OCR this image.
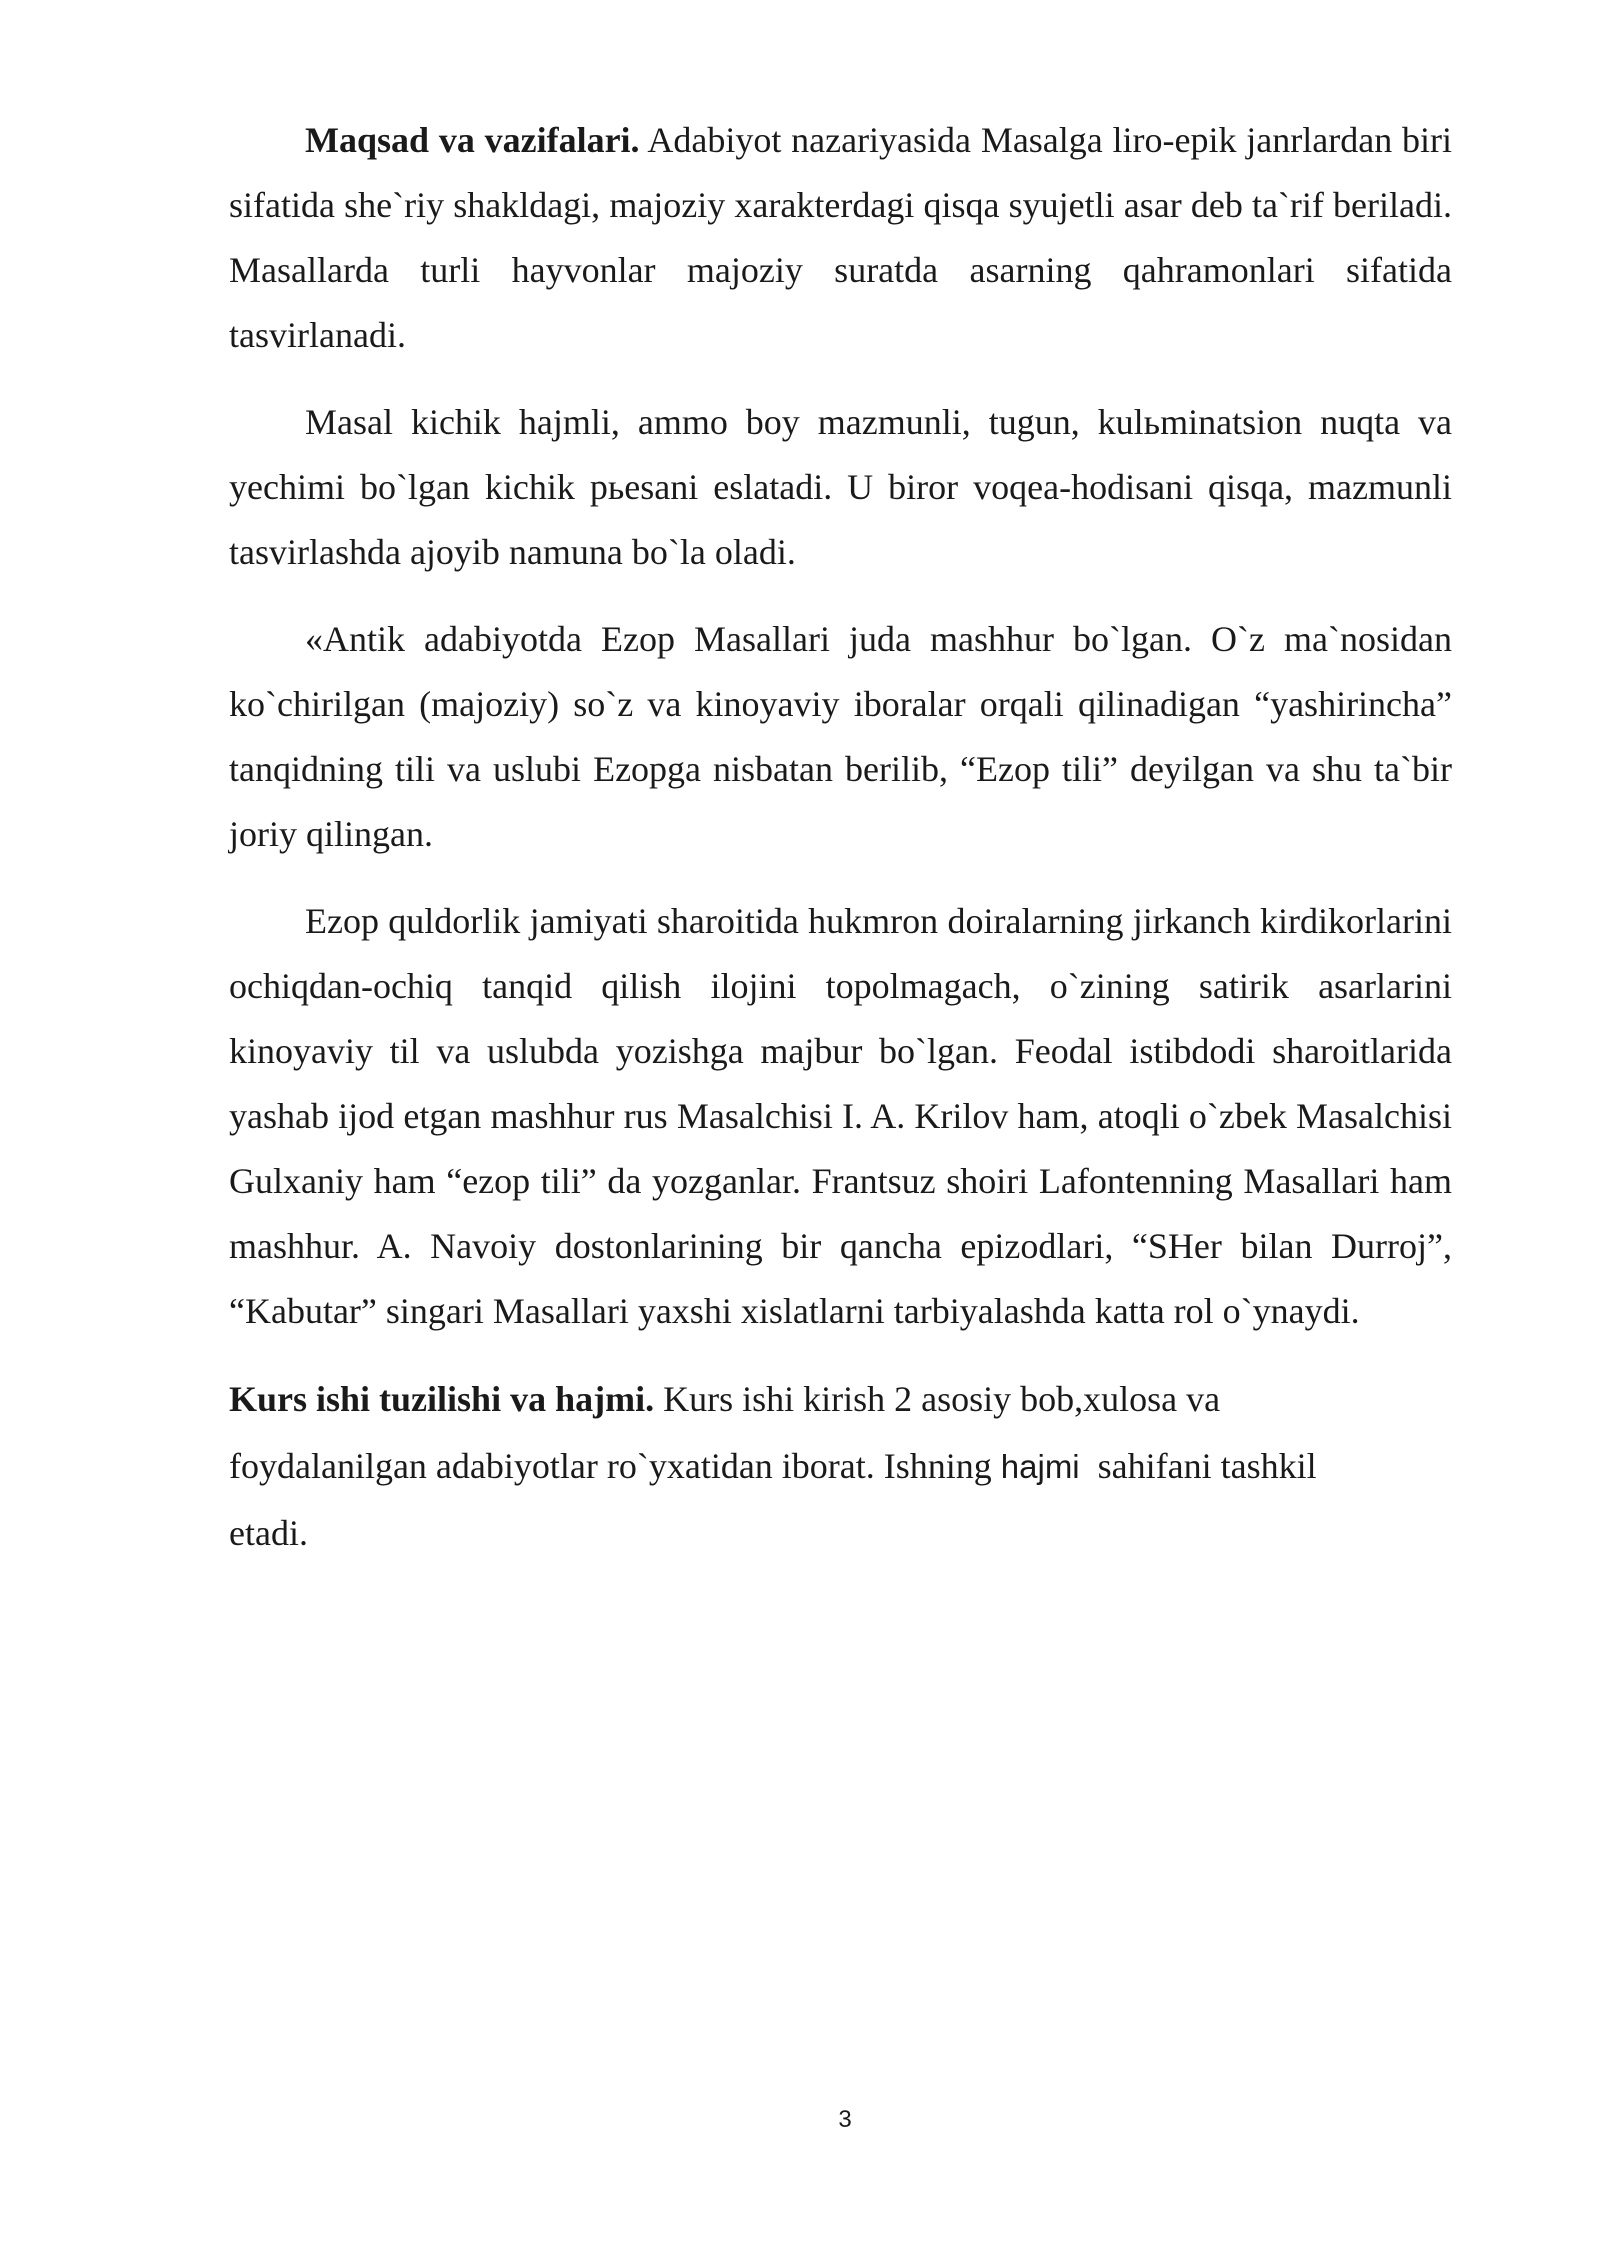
Maqsad va vazifalari. Adabiyot nazariyasida Masalga liro-epik janrlardan biri sifatida she`riy shakldagi, majoziy xarakterdagi qisqa syujetli asar deb ta`rif beriladi. Masallarda turli hayvonlar majoziy suratda asarning qahramonlari sifatida tasvirlanadi.

Masal kichik hajmli, ammo boy mazmunli, tugun, kulьminatsion nuqta va yechimi bo`lgan kichik pьesani eslatadi. U biror voqea-hodisani qisqa, mazmunli tasvirlashda ajoyib namuna bo`la oladi.

«Antik adabiyotda Ezop Masallari juda mashhur bo`lgan. O`z ma`nosidan ko`chirilgan (majoziy) so`z va kinoyaviy iboralar orqali qilinadigan “yashirincha” tanqidning tili va uslubi Ezopga nisbatan berilib, “Ezop tili” deyilgan va shu ta`bir joriy qilingan.

Ezop quldorlik jamiyati sharoitida hukmron doiralarning jirkanch kirdikorlarini ochiqdan-ochiq tanqid qilish ilojini topolmagach, o`zining satirik asarlarini kinoyaviy til va uslubda yozishga majbur bo`lgan. Feodal istibdodi sharoitlarida yashab ijod etgan mashhur rus Masalchisi I. A. Krilov ham, atoqli o`zbek Masalchisi Gulxaniy ham “ezop tili” da yozganlar. Frantsuz shoiri Lafontenning Masallari ham mashhur. A. Navoiy dostonlarining bir qancha epizodlari, “SHer bilan Durroj”, “Kabutar” singari Masallari yaxshi xislatlarni tarbiyalashda katta rol o`ynaydi.

Kurs ishi tuzilishi va hajmi. Kurs ishi kirish 2 asosiy bob,xulosa va
foydalanilgan adabiyotlar ro`yxatidan iborat. Ishning hajmi  sahifani tashkil
etadi.

3
